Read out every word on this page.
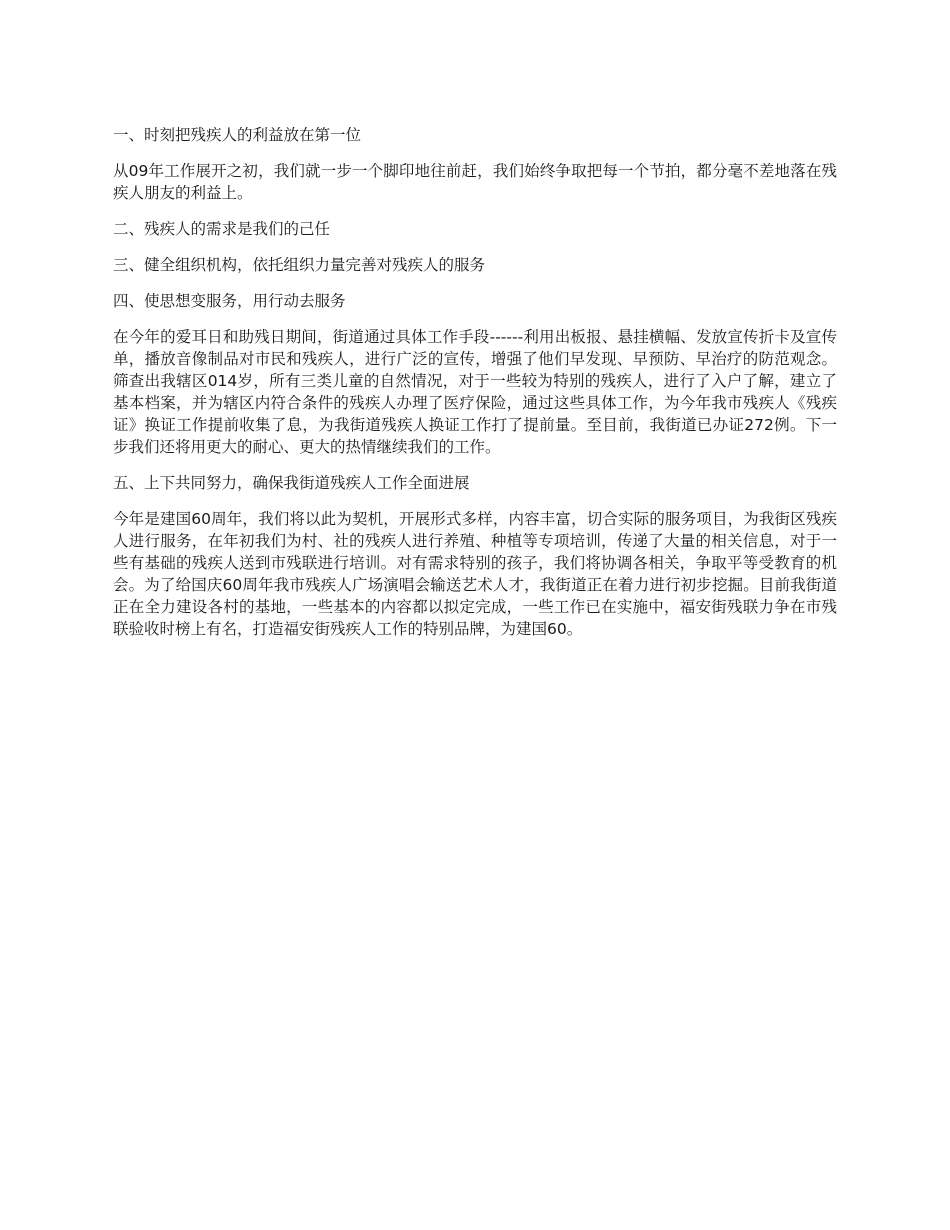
一、时刻把残疾人的利益放在第一位

从09年工作展开之初，我们就一步一个脚印地往前赶，我们始终争取把每一个节拍，都分毫不差地落在残疾人朋友的利益上。

二、残疾人的需求是我们的己任

三、健全组织机构，依托组织力量完善对残疾人的服务

四、使思想变服务，用行动去服务

在今年的爱耳日和助残日期间，街道通过具体工作手段------利用出板报、悬挂横幅、发放宣传折卡及宣传单，播放音像制品对市民和残疾人，进行广泛的宣传，增强了他们早发现、早预防、早治疗的防范观念。筛查出我辖区014岁，所有三类儿童的自然情况，对于一些较为特别的残疾人，进行了入户了解，建立了基本档案，并为辖区内符合条件的残疾人办理了医疗保险，通过这些具体工作，为今年我市残疾人《残疾证》换证工作提前收集了息，为我街道残疾人换证工作打了提前量。至目前，我街道已办证272例。下一步我们还将用更大的耐心、更大的热情继续我们的工作。

五、上下共同努力，确保我街道残疾人工作全面进展

今年是建国60周年，我们将以此为契机，开展形式多样，内容丰富，切合实际的服务项目，为我街区残疾人进行服务，在年初我们为村、社的残疾人进行养殖、种植等专项培训，传递了大量的相关信息，对于一些有基础的残疾人送到市残联进行培训。对有需求特别的孩子，我们将协调各相关，争取平等受教育的机会。为了给国庆60周年我市残疾人广场演唱会输送艺术人才，我街道正在着力进行初步挖掘。目前我街道正在全力建设各村的基地，一些基本的内容都以拟定完成，一些工作已在实施中，福安街残联力争在市残联验收时榜上有名，打造福安街残疾人工作的特别品牌，为建国60。
